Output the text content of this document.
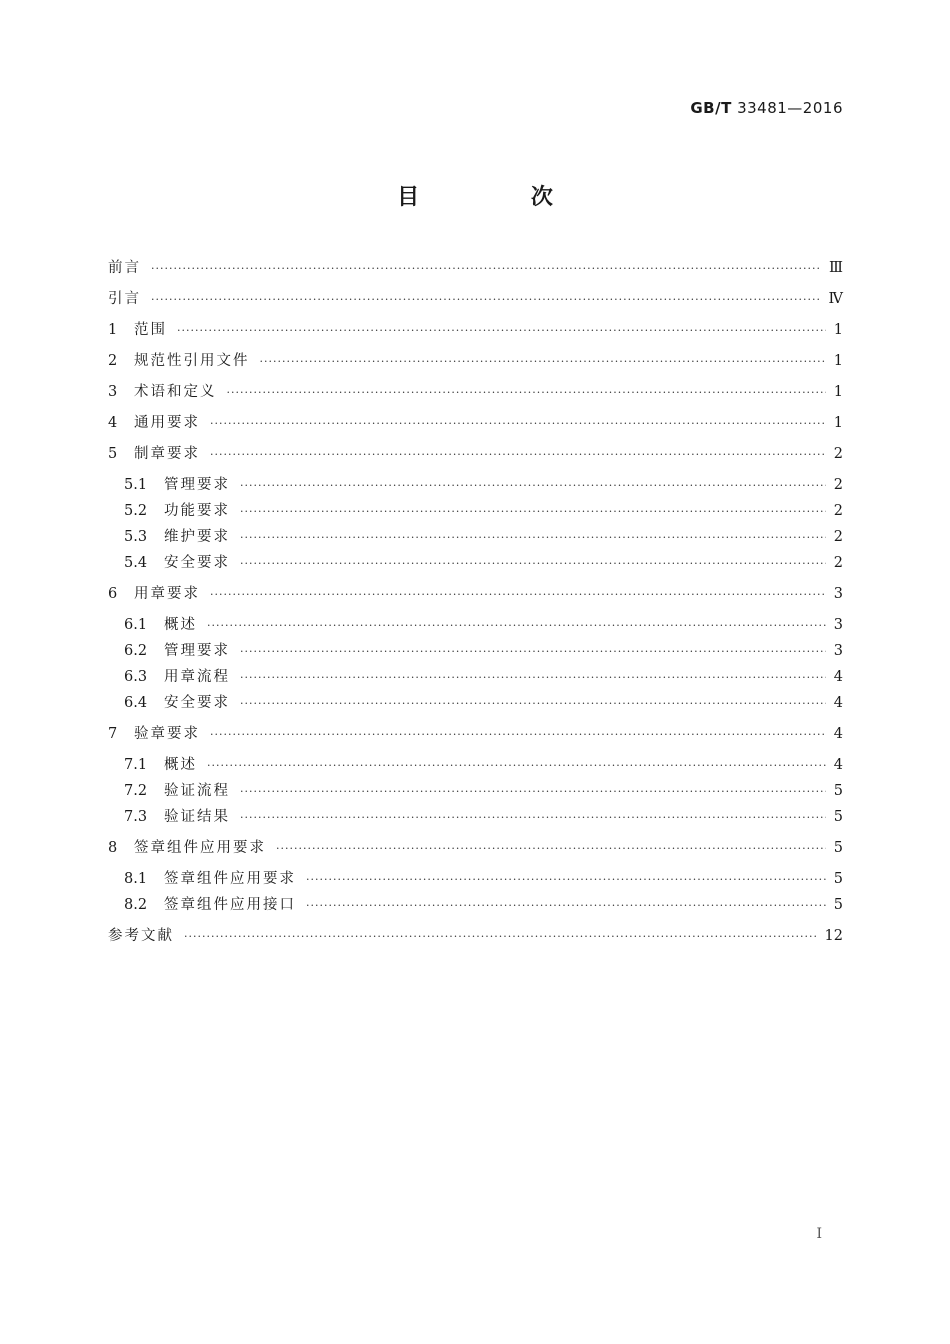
GB/T 33481—2016
目 次
前言 ·····	Ⅲ
引言 ·····	Ⅳ
1	范围 ·····	1
2	规范性引用文件 ·····	1
3	术语和定义 ·····	1
4	通用要求 ·····	1
5	制章要求 ·····	2
5.1	管理要求 ·····	2
5.2	功能要求 ·····	2
5.3	维护要求 ·····	2
5.4	安全要求 ·····	2
6	用章要求 ·····	3
6.1	概述 ·····	3
6.2	管理要求 ·····	3
6.3	用章流程 ·····	4
6.4	安全要求 ·····	4
7	验章要求 ·····	4
7.1	概述 ·····	4
7.2	验证流程 ·····	5
7.3	验证结果 ·····	5
8	签章组件应用要求 ·····	5
8.1	签章组件应用要求 ·····	5
8.2	签章组件应用接口 ·····	5
参考文献 ·····	12
I
